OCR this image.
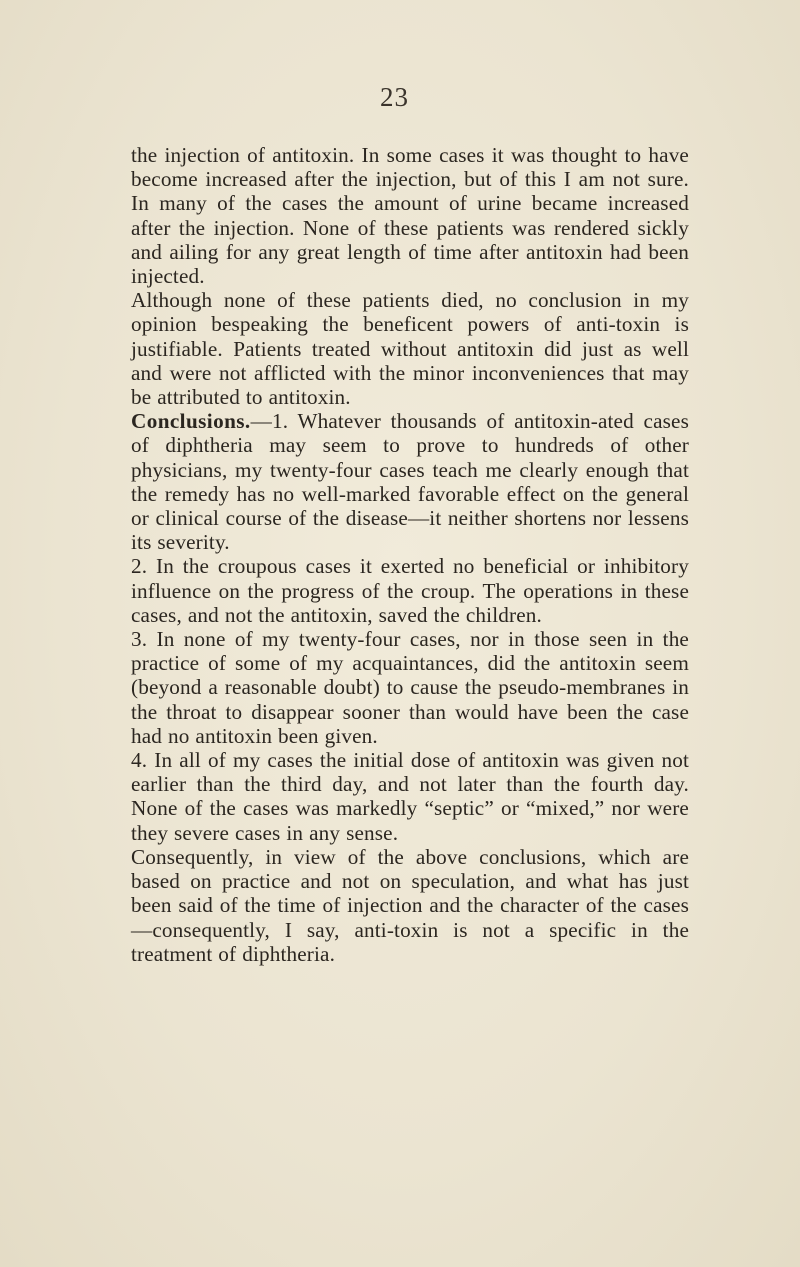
23

the injection of antitoxin. In some cases it was thought to have become increased after the injection, but of this I am not sure. In many of the cases the amount of urine became increased after the injection. None of these patients was rendered sickly and ailing for any great length of time after antitoxin had been injected.

Although none of these patients died, no conclusion in my opinion bespeaking the beneficent powers of anti-toxin is justifiable. Patients treated without antitoxin did just as well and were not afflicted with the minor inconveniences that may be attributed to antitoxin.

Conclusions.—1. Whatever thousands of antitoxin-ated cases of diphtheria may seem to prove to hundreds of other physicians, my twenty-four cases teach me clearly enough that the remedy has no well-marked favorable effect on the general or clinical course of the disease—it neither shortens nor lessens its severity.

2. In the croupous cases it exerted no beneficial or inhibitory influence on the progress of the croup. The operations in these cases, and not the antitoxin, saved the children.

3. In none of my twenty-four cases, nor in those seen in the practice of some of my acquaintances, did the antitoxin seem (beyond a reasonable doubt) to cause the pseudo-membranes in the throat to disappear sooner than would have been the case had no antitoxin been given.

4. In all of my cases the initial dose of antitoxin was given not earlier than the third day, and not later than the fourth day. None of the cases was markedly “septic” or “mixed,” nor were they severe cases in any sense.

Consequently, in view of the above conclusions, which are based on practice and not on speculation, and what has just been said of the time of injection and the character of the cases—consequently, I say, anti-toxin is not a specific in the treatment of diphtheria.
